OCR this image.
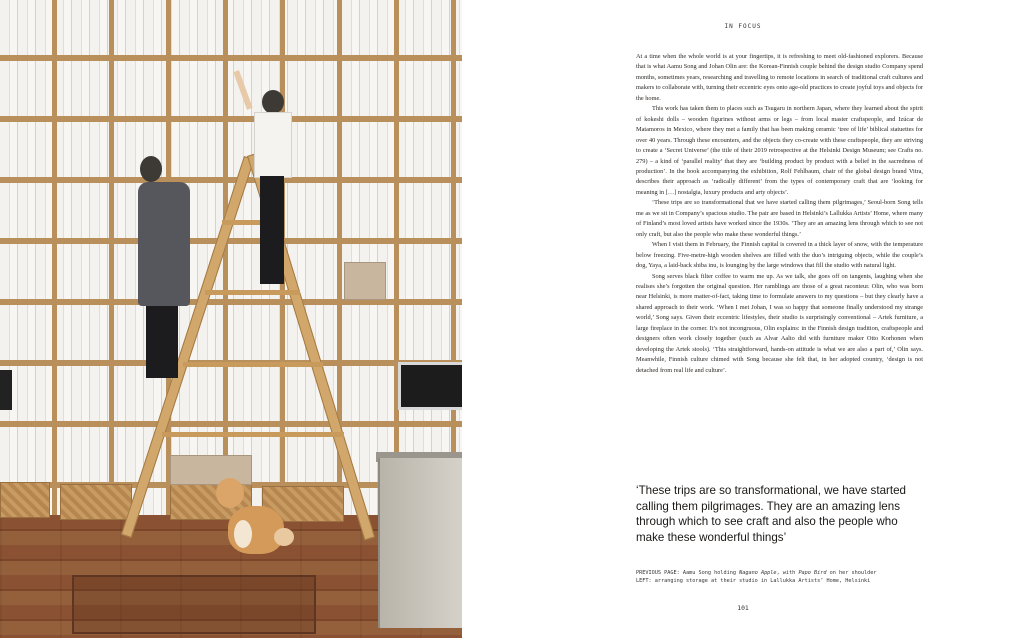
IN FOCUS

At a time when the whole world is at your fingertips, it is refreshing to meet old-fashioned explorers. Because that is what Aamu Song and Johan Olin are: the Korean-Finnish couple behind the design studio Company spend months, sometimes years, researching and travelling to remote locations in search of traditional craft cultures and makers to collaborate with, turning their eccentric eyes onto age-old practices to create joyful toys and objects for the home.

This work has taken them to places such as Tsugaru in northern Japan, where they learned about the spirit of kokeshi dolls – wooden figurines without arms or legs – from local master craftspeople, and Izúcar de Matamoros in Mexico, where they met a family that has been making ceramic ‘tree of life’ biblical statuettes for over 40 years. Through these encounters, and the objects they co-create with these craftspeople, they are striving to create a ‘Secret Universe’ (the title of their 2019 retrospective at the Helsinki Design Museum; see Crafts no. 279) – a kind of ‘parallel reality’ that they are ‘building product by product with a belief in the sacredness of production’. In the book accompanying the exhibition, Rolf Fehlbaum, chair of the global design brand Vitra, describes their approach as ‘radically different’ from the types of contemporary craft that are ‘looking for meaning in […] nostalgia, luxury products and arty objects’.

‘These trips are so transformational that we have started calling them pilgrimages,’ Seoul-born Song tells me as we sit in Company’s spacious studio. The pair are based in Helsinki’s Lallukka Artists’ Home, where many of Finland’s most loved artists have worked since the 1930s. ‘They are an amazing lens through which to see not only craft, but also the people who make these wonderful things.’

When I visit them in February, the Finnish capital is covered in a thick layer of snow, with the temperature below freezing. Five-metre-high wooden shelves are filled with the duo’s intriguing objects, while the couple’s dog, Yaya, a laid-back shiba inu, is lounging by the large windows that fill the studio with natural light.

Song serves black filter coffee to warm me up. As we talk, she goes off on tangents, laughing when she realises she’s forgotten the original question. Her ramblings are those of a great raconteur. Olin, who was born near Helsinki, is more matter-of-fact, taking time to formulate answers to my questions – but they clearly have a shared approach to their work. ‘When I met Johan, I was so happy that someone finally understood my strange world,’ Song says. Given their eccentric lifestyles, their studio is surprisingly conventional – Artek furniture, a large fireplace in the corner. It’s not incongruous, Olin explains: in the Finnish design tradition, craftspeople and designers often work closely together (such as Alvar Aalto did with furniture maker Otto Korhonen when developing the Artek stools). ‘This straightforward, hands-on attitude is what we are also a part of,’ Olin says. Meanwhile, Finnish culture chimed with Song because she felt that, in her adopted country, ‘design is not detached from real life and culture’.

‘These trips are so transformational, we have started calling them pilgrimages. They are an amazing lens through which to see craft and also the people who make these wonderful things’
PREVIOUS PAGE: Aamu Song holding Nagano Apple, with Papo Bird on her shoulder
LEFT: arranging storage at their studio in Lallukka Artists’ Home, Helsinki
101
